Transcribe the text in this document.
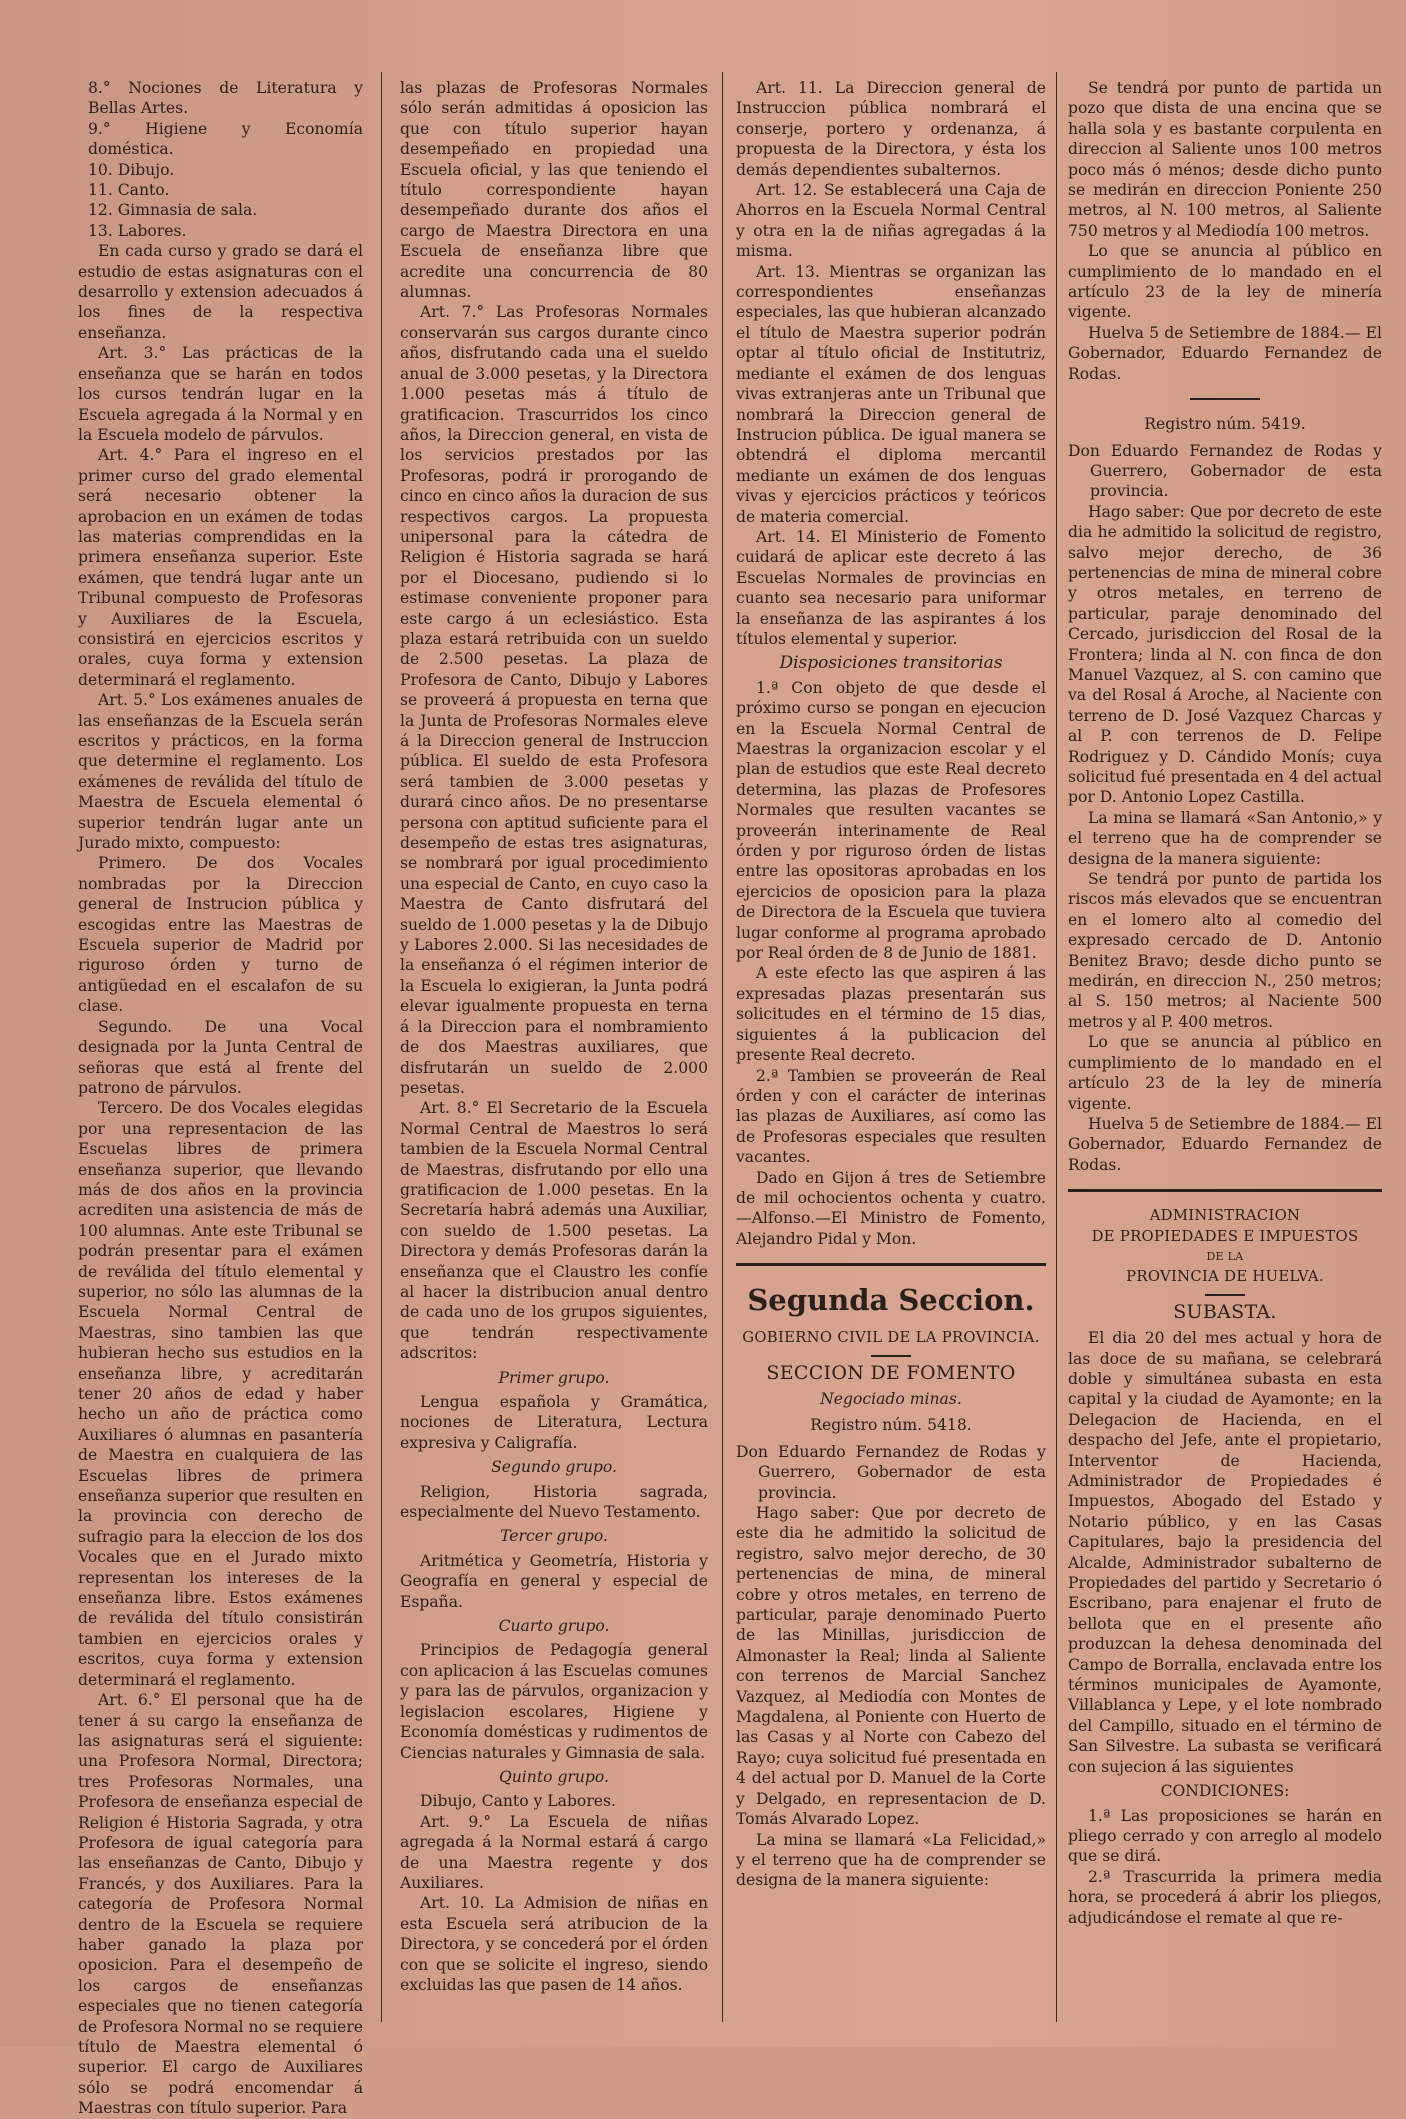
8.° Nociones de Literatura y Bellas Artes.

9.° Higiene y Economía doméstica.

10. Dibujo.

11. Canto.

12. Gimnasia de sala.

13. Labores.

En cada curso y grado se dará el estudio de estas asignaturas con el desarrollo y extension adecuados á los fines de la respectiva enseñanza.

Art. 3.° Las prácticas de la enseñanza que se harán en todos los cursos tendrán lugar en la Escuela agregada á la Normal y en la Escuela modelo de párvulos.

Art. 4.° Para el ingreso en el primer curso del grado elemental será necesario obtener la aprobacion en un exámen de todas las materias comprendidas en la primera enseñanza superior. Este exámen, que tendrá lugar ante un Tribunal compuesto de Profesoras y Auxiliares de la Escuela, consistirá en ejercicios escritos y orales, cuya forma y extension determinará el reglamento.

Art. 5.° Los exámenes anuales de las enseñanzas de la Escuela serán escritos y prácticos, en la forma que determine el reglamento. Los exámenes de reválida del título de Maestra de Escuela elemental ó superior tendrán lugar ante un Jurado mixto, compuesto:

Primero. De dos Vocales nombradas por la Direccion general de Instrucion pública y escogidas entre las Maestras de Escuela superior de Madrid por riguroso órden y turno de antigüedad en el escalafon de su clase.

Segundo. De una Vocal designada por la Junta Central de señoras que está al frente del patrono de párvulos.

Tercero. De dos Vocales elegidas por una representacion de las Escuelas libres de primera enseñanza superior, que llevando más de dos años en la provincia acrediten una asistencia de más de 100 alumnas. Ante este Tribunal se podrán presentar para el exámen de reválida del título elemental y superior, no sólo las alumnas de la Escuela Normal Central de Maestras, sino tambien las que hubieran hecho sus estudios en la enseñanza libre, y acreditarán tener 20 años de edad y haber hecho un año de práctica como Auxiliares ó alumnas en pasantería de Maestra en cualquiera de las Escuelas libres de primera enseñanza superior que resulten en la provincia con derecho de sufragio para la eleccion de los dos Vocales que en el Jurado mixto representan los intereses de la enseñanza libre. Estos exámenes de reválida del título consistirán tambien en ejercicios orales y escritos, cuya forma y extension determinará el reglamento.

Art. 6.° El personal que ha de tener á su cargo la enseñanza de las asignaturas será el siguiente: una Profesora Normal, Directora; tres Profesoras Normales, una Profesora de enseñanza especial de Religion é Historia Sagrada, y otra Profesora de igual categoría para las enseñanzas de Canto, Dibujo y Francés, y dos Auxiliares. Para la categoría de Profesora Normal dentro de la Escuela se requiere haber ganado la plaza por oposicion. Para el desempeño de los cargos de enseñanzas especiales que no tienen categoría de Profesora Normal no se requiere título de Maestra elemental ó superior. El cargo de Auxiliares sólo se podrá encomendar á Maestras con título superior. Para

las plazas de Profesoras Normales sólo serán admitidas á oposicion las que con título superior hayan desempeñado en propiedad una Escuela oficial, y las que teniendo el título correspondiente hayan desempeñado durante dos años el cargo de Maestra Directora en una Escuela de enseñanza libre que acredite una concurrencia de 80 alumnas.

Art. 7.° Las Profesoras Normales conservarán sus cargos durante cinco años, disfrutando cada una el sueldo anual de 3.000 pesetas, y la Directora 1.000 pesetas más á título de gratificacion. Trascurridos los cinco años, la Direccion general, en vista de los servicios prestados por las Profesoras, podrá ir prorogando de cinco en cinco años la duracion de sus respectivos cargos. La propuesta unipersonal para la cátedra de Religion é Historia sagrada se hará por el Diocesano, pudiendo si lo estimase conveniente proponer para este cargo á un eclesiástico. Esta plaza estará retribuida con un sueldo de 2.500 pesetas. La plaza de Profesora de Canto, Dibujo y Labores se proveerá á propuesta en terna que la Junta de Profesoras Normales eleve á la Direccion general de Instruccion pública. El sueldo de esta Profesora será tambien de 3.000 pesetas y durará cinco años. De no presentarse persona con aptitud suficiente para el desempeño de estas tres asignaturas, se nombrará por igual procedimiento una especial de Canto, en cuyo caso la Maestra de Canto disfrutará del sueldo de 1.000 pesetas y la de Dibujo y Labores 2.000. Si las necesidades de la enseñanza ó el régimen interior de la Escuela lo exigieran, la Junta podrá elevar igualmente propuesta en terna á la Direccion para el nombramiento de dos Maestras auxiliares, que disfrutarán un sueldo de 2.000 pesetas.

Art. 8.° El Secretario de la Escuela Normal Central de Maestros lo será tambien de la Escuela Normal Central de Maestras, disfrutando por ello una gratificacion de 1.000 pesetas. En la Secretaría habrá además una Auxiliar, con sueldo de 1.500 pesetas. La Directora y demás Profesoras darán la enseñanza que el Claustro les confíe al hacer la distribucion anual dentro de cada uno de los grupos siguientes, que tendrán respectivamente adscritos:

Primer grupo.

Lengua española y Gramática, nociones de Literatura, Lectura expresiva y Caligrafía.

Segundo grupo.

Religion, Historia sagrada, especialmente del Nuevo Testamento.

Tercer grupo.

Aritmética y Geometría, Historia y Geografía en general y especial de España.

Cuarto grupo.

Principios de Pedagogía general con aplicacion á las Escuelas comunes y para las de párvulos, organizacion y legislacion escolares, Higiene y Economía domésticas y rudimentos de Ciencias naturales y Gimnasia de sala.

Quinto grupo.

Dibujo, Canto y Labores.

Art. 9.° La Escuela de niñas agregada á la Normal estará á cargo de una Maestra regente y dos Auxiliares.

Art. 10. La Admision de niñas en esta Escuela será atribucion de la Directora, y se concederá por el órden con que se solicite el ingreso, siendo excluidas las que pasen de 14 años.

Art. 11. La Direccion general de Instruccion pública nombrará el conserje, portero y ordenanza, á propuesta de la Directora, y ésta los demás dependientes subalternos.

Art. 12. Se establecerá una Caja de Ahorros en la Escuela Normal Central y otra en la de niñas agregadas á la misma.

Art. 13. Mientras se organizan las correspondientes enseñanzas especiales, las que hubieran alcanzado el título de Maestra superior podrán optar al título oficial de Institutriz, mediante el exámen de dos lenguas vivas extranjeras ante un Tribunal que nombrará la Direccion general de Instrucion pública. De igual manera se obtendrá el diploma mercantil mediante un exámen de dos lenguas vivas y ejercicios prácticos y teóricos de materia comercial.

Art. 14. El Ministerio de Fomento cuidará de aplicar este decreto á las Escuelas Normales de provincias en cuanto sea necesario para uniformar la enseñanza de las aspirantes á los títulos elemental y superior.

Disposiciones transitorias

1.ª Con objeto de que desde el próximo curso se pongan en ejecucion en la Escuela Normal Central de Maestras la organizacion escolar y el plan de estudios que este Real decreto determina, las plazas de Profesores Normales que resulten vacantes se proveerán interinamente de Real órden y por riguroso órden de listas entre las opositoras aprobadas en los ejercicios de oposicion para la plaza de Directora de la Escuela que tuviera lugar conforme al programa aprobado por Real órden de 8 de Junio de 1881.

A este efecto las que aspiren á las expresadas plazas presentarán sus solicitudes en el término de 15 dias, siguientes á la publicacion del presente Real decreto.

2.ª Tambien se proveerán de Real órden y con el carácter de interinas las plazas de Auxiliares, así como las de Profesoras especiales que resulten vacantes.

Dado en Gijon á tres de Setiembre de mil ochocientos ochenta y cuatro. —Alfonso.—El Ministro de Fomento, Alejandro Pidal y Mon.

Segunda Seccion.

GOBIERNO CIVIL DE LA PROVINCIA.

SECCION DE FOMENTO

Negociado minas.

Registro núm. 5418.

Don Eduardo Fernandez de Rodas y Guerrero, Gobernador de esta provincia.

Hago saber: Que por decreto de este dia he admitido la solicitud de registro, salvo mejor derecho, de 30 pertenencias de mina, de mineral cobre y otros metales, en terreno de particular, paraje denominado Puerto de las Minillas, jurisdiccion de Almonaster la Real; linda al Saliente con terrenos de Marcial Sanchez Vazquez, al Mediodía con Montes de Magdalena, al Poniente con Huerto de las Casas y al Norte con Cabezo del Rayo; cuya solicitud fué presentada en 4 del actual por D. Manuel de la Corte y Delgado, en representacion de D. Tomás Alvarado Lopez.

La mina se llamará «La Felicidad,» y el terreno que ha de comprender se designa de la manera siguiente:

Se tendrá por punto de partida un pozo que dista de una encina que se halla sola y es bastante corpulenta en direccion al Saliente unos 100 metros poco más ó ménos; desde dicho punto se medirán en direccion Poniente 250 metros, al N. 100 metros, al Saliente 750 metros y al Mediodía 100 metros.

Lo que se anuncia al público en cumplimiento de lo mandado en el artículo 23 de la ley de minería vigente.

Huelva 5 de Setiembre de 1884.— El Gobernador, Eduardo Fernandez de Rodas.

Registro núm. 5419.

Don Eduardo Fernandez de Rodas y Guerrero, Gobernador de esta provincia.

Hago saber: Que por decreto de este dia he admitido la solicitud de registro, salvo mejor derecho, de 36 pertenencias de mina de mineral cobre y otros metales, en terreno de particular, paraje denominado del Cercado, jurisdiccion del Rosal de la Frontera; linda al N. con finca de don Manuel Vazquez, al S. con camino que va del Rosal á Aroche, al Naciente con terreno de D. José Vazquez Charcas y al P. con terrenos de D. Felipe Rodriguez y D. Cándido Monís; cuya solicitud fué presentada en 4 del actual por D. Antonio Lopez Castilla.

La mina se llamará «San Antonio,» y el terreno que ha de comprender se designa de la manera siguiente:

Se tendrá por punto de partida los riscos más elevados que se encuentran en el lomero alto al comedio del expresado cercado de D. Antonio Benitez Bravo; desde dicho punto se medirán, en direccion N., 250 metros; al S. 150 metros; al Naciente 500 metros y al P. 400 metros.

Lo que se anuncia al público en cumplimiento de lo mandado en el artículo 23 de la ley de minería vigente.

Huelva 5 de Setiembre de 1884.— El Gobernador, Eduardo Fernandez de Rodas.

ADMINISTRACION

DE PROPIEDADES E IMPUESTOS

DE LA

PROVINCIA DE HUELVA.

SUBASTA.

El dia 20 del mes actual y hora de las doce de su mañana, se celebrará doble y simultánea subasta en esta capital y la ciudad de Ayamonte; en la Delegacion de Hacienda, en el despacho del Jefe, ante el propietario, Interventor de Hacienda, Administrador de Propiedades é Impuestos, Abogado del Estado y Notario público, y en las Casas Capitulares, bajo la presidencia del Alcalde, Administrador subalterno de Propiedades del partido y Secretario ó Escribano, para enajenar el fruto de bellota que en el presente año produzcan la dehesa denominada del Campo de Borralla, enclavada entre los términos municipales de Ayamonte, Villablanca y Lepe, y el lote nombrado del Campillo, situado en el término de San Silvestre. La subasta se verificará con sujecion á las siguientes

CONDICIONES:

1.ª Las proposiciones se harán en pliego cerrado y con arreglo al modelo que se dirá.

2.ª Trascurrida la primera media hora, se procederá á abrir los pliegos, adjudicándose el remate al que re-
